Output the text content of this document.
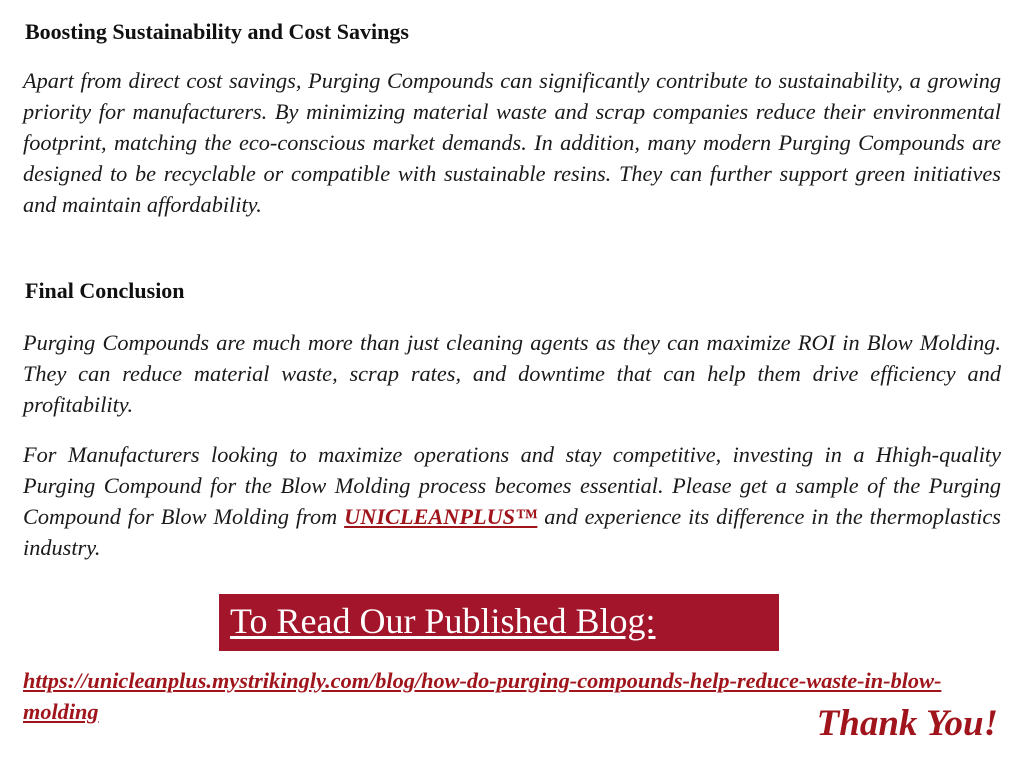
Boosting Sustainability and Cost Savings

Apart from direct cost savings, Purging Compounds can significantly contribute to sustainability, a growing priority for manufacturers. By minimizing material waste and scrap companies reduce their environmental footprint, matching the eco-conscious market demands. In addition, many modern Purging Compounds are designed to be recyclable or compatible with sustainable resins. They can further support green initiatives and maintain affordability.

Final Conclusion

Purging Compounds are much more than just cleaning agents as they can maximize ROI in Blow Molding. They can reduce material waste, scrap rates, and downtime that can help them drive efficiency and profitability.

For Manufacturers looking to maximize operations and stay competitive, investing in a Hhigh-quality Purging Compound for the Blow Molding process becomes essential. Please get a sample of the Purging Compound for Blow Molding from UNICLEANPLUS™ and experience its difference in the thermoplastics industry.

To Read Our Published Blog:
https://unicleanplus.mystrikingly.com/blog/how-do-purging-compounds-help-reduce-waste-in-blow-molding	Thank You!
